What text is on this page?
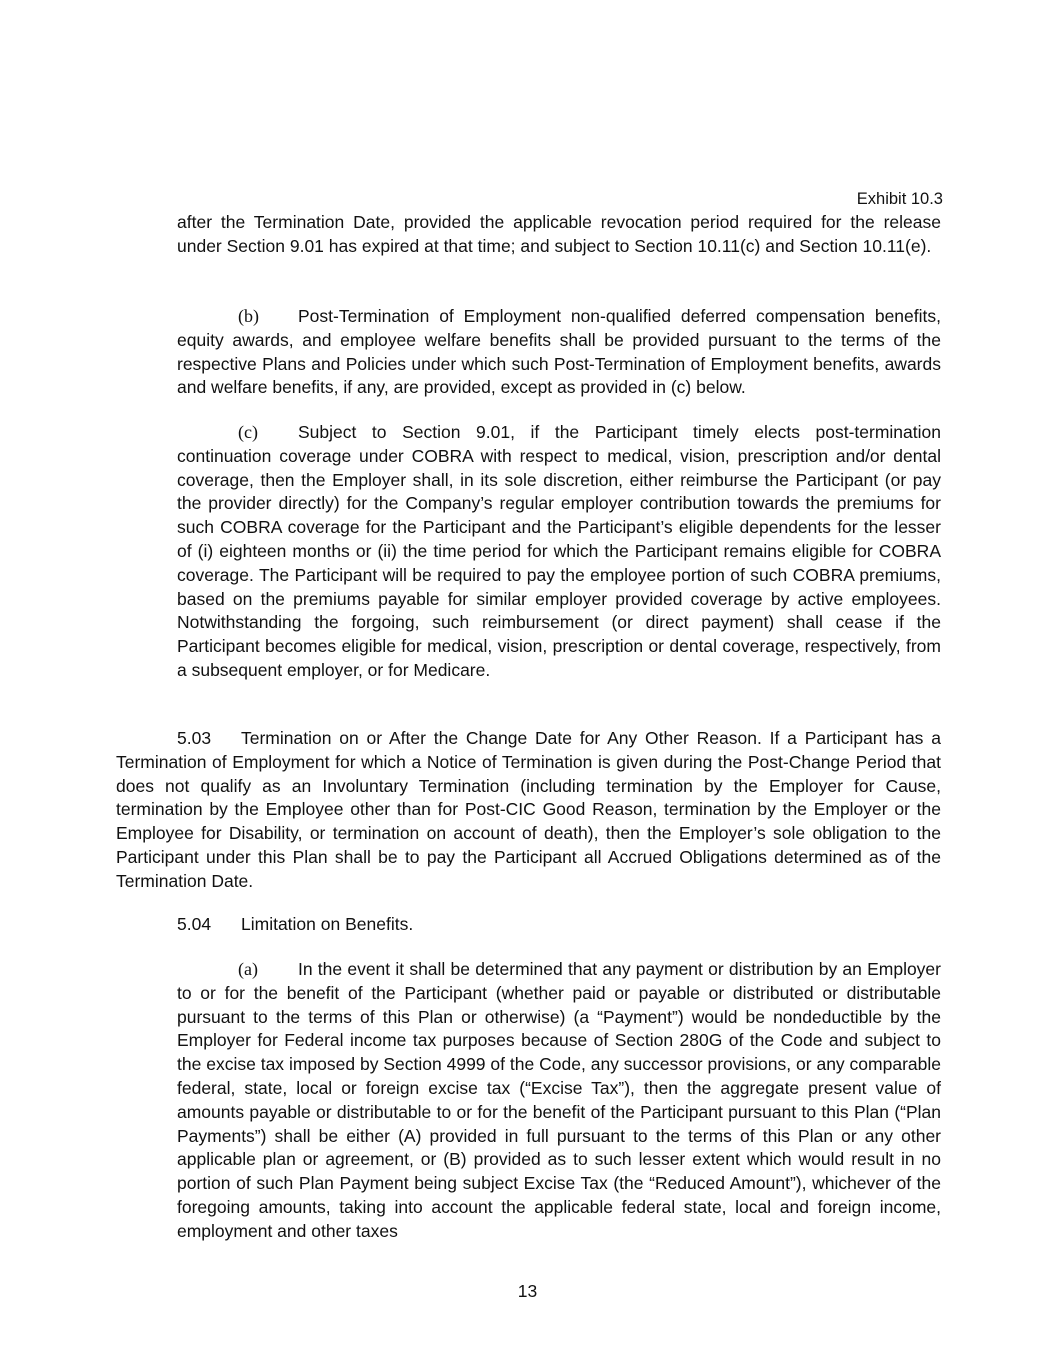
Exhibit 10.3

after the Termination Date, provided the applicable revocation period required for the release under Section 9.01 has expired at that time; and subject to Section 10.11(c) and Section 10.11(e).

(b) Post-Termination of Employment non-qualified deferred compensation benefits, equity awards, and employee welfare benefits shall be provided pursuant to the terms of the respective Plans and Policies under which such Post-Termination of Employment benefits, awards and welfare benefits, if any, are provided, except as provided in (c) below.

(c) Subject to Section 9.01, if the Participant timely elects post-termination continuation coverage under COBRA with respect to medical, vision, prescription and/or dental coverage, then the Employer shall, in its sole discretion, either reimburse the Participant (or pay the provider directly) for the Company’s regular employer contribution towards the premiums for such COBRA coverage for the Participant and the Participant’s eligible dependents for the lesser of (i) eighteen months or (ii) the time period for which the Participant remains eligible for COBRA coverage. The Participant will be required to pay the employee portion of such COBRA premiums, based on the premiums payable for similar employer provided coverage by active employees. Notwithstanding the forgoing, such reimbursement (or direct payment) shall cease if the Participant becomes eligible for medical, vision, prescription or dental coverage, respectively, from a subsequent employer, or for Medicare.

5.03 Termination on or After the Change Date for Any Other Reason. If a Participant has a Termination of Employment for which a Notice of Termination is given during the Post-Change Period that does not qualify as an Involuntary Termination (including termination by the Employer for Cause, termination by the Employee other than for Post-CIC Good Reason, termination by the Employer or the Employee for Disability, or termination on account of death), then the Employer’s sole obligation to the Participant under this Plan shall be to pay the Participant all Accrued Obligations determined as of the Termination Date.

5.04 Limitation on Benefits.

(a) In the event it shall be determined that any payment or distribution by an Employer to or for the benefit of the Participant (whether paid or payable or distributed or distributable pursuant to the terms of this Plan or otherwise) (a “Payment”) would be nondeductible by the Employer for Federal income tax purposes because of Section 280G of the Code and subject to the excise tax imposed by Section 4999 of the Code, any successor provisions, or any comparable federal, state, local or foreign excise tax (“Excise Tax”), then the aggregate present value of amounts payable or distributable to or for the benefit of the Participant pursuant to this Plan (“Plan Payments”) shall be either (A) provided in full pursuant to the terms of this Plan or any other applicable plan or agreement, or (B) provided as to such lesser extent which would result in no portion of such Plan Payment being subject Excise Tax (the “Reduced Amount”), whichever of the foregoing amounts, taking into account the applicable federal state, local and foreign income, employment and other taxes

13
